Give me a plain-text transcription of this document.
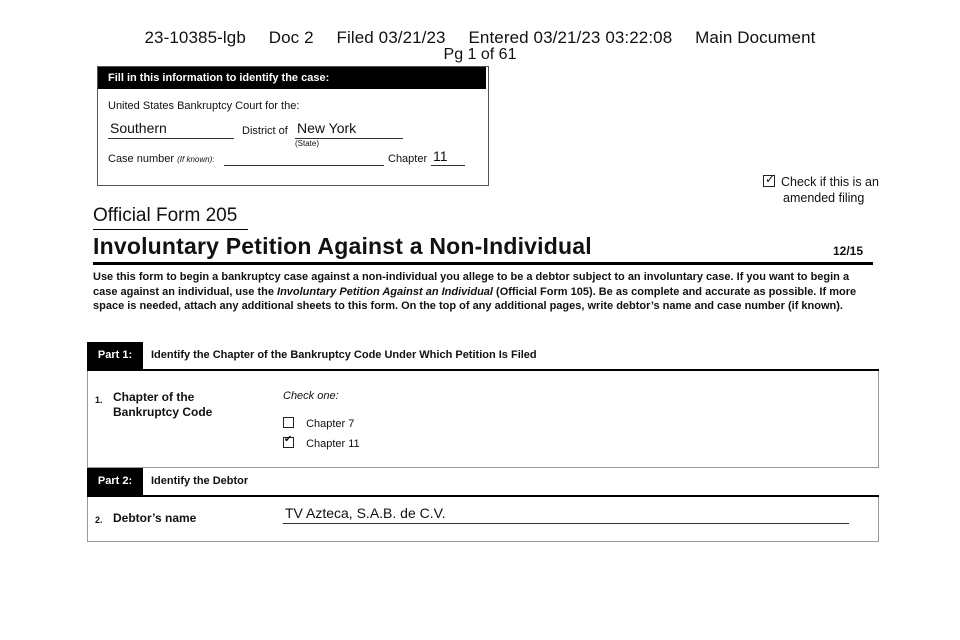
23-10385-lgb Doc 2 Filed 03/21/23 Entered 03/21/23 03:22:08 Main Document
Pg 1 of 61
Fill in this information to identify the case:
United States Bankruptcy Court for the:
Southern	District of New York
(State)
Case number (If known):	Chapter 11
✓Check if this is an
amended filing
Official Form 205
Involuntary Petition Against a Non-Individual	12/15
Use this form to begin a bankruptcy case against a non-individual you allege to be a debtor subject to an involuntary case. If you want to begin a case against an individual, use the Involuntary Petition Against an Individual (Official Form 105). Be as complete and accurate as possible. If more space is needed, attach any additional sheets to this form. On the top of any additional pages, write debtor’s name and case number (if known).
Part 1:	Identify the Chapter of the Bankruptcy Code Under Which Petition Is Filed
1. Chapter of the
Bankruptcy Code
Check one:
Chapter 7
✔ Chapter 11
Part 2:	Identify the Debtor
2. Debtor’s name	TV Azteca, S.A.B. de C.V.
